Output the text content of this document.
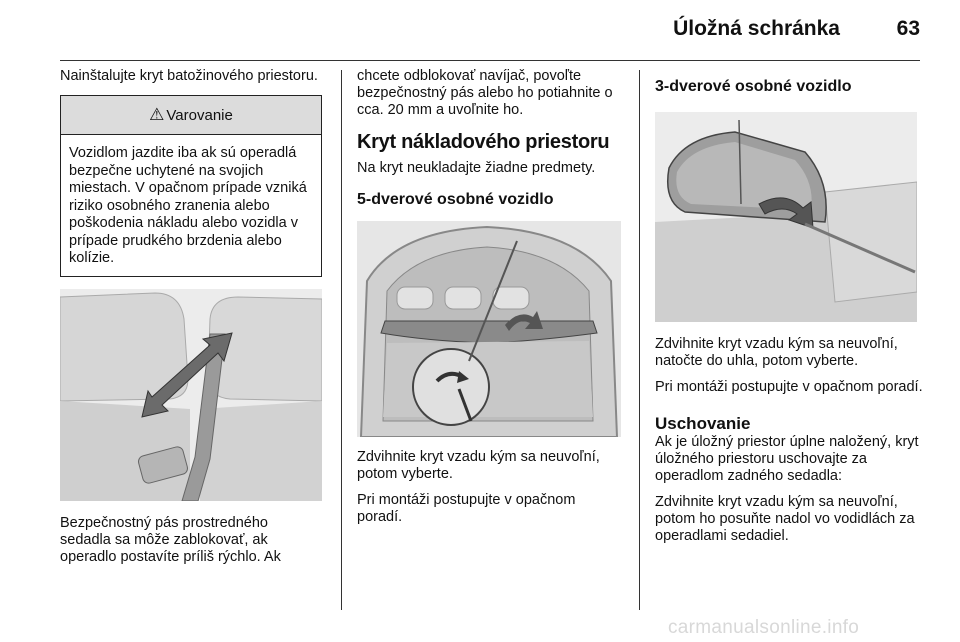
Úložná schránka	63

Nainštalujte kryt batožinového priestoru.

⚠ Varovanie
Vozidlom jazdite iba ak sú operadlá bezpečne uchytené na svojich miestach. V opačnom prípade vzniká riziko osobného zranenia alebo poškodenia nákladu alebo vozidla v prípade prudkého brzdenia alebo kolízie.

Bezpečnostný pás prostredného sedadla sa môže zablokovať, ak operadlo postavíte príliš rýchlo. Ak

chcete odblokovať navíjač, povoľte bezpečnostný pás alebo ho potiahnite o cca. 20 mm a uvoľnite ho.

Kryt nákladového priestoru

Na kryt neukladajte žiadne predmety.

5-dverové osobné vozidlo

Zdvihnite kryt vzadu kým sa neuvoľní, potom vyberte.

Pri montáži postupujte v opačnom poradí.

3-dverové osobné vozidlo

Zdvihnite kryt vzadu kým sa neuvoľní, natočte do uhla, potom vyberte.

Pri montáži postupujte v opačnom poradí.

Uschovanie

Ak je úložný priestor úplne naložený, kryt úložného priestoru uschovajte za operadlom zadného sedadla:

Zdvihnite kryt vzadu kým sa neuvoľní, potom ho posuňte nadol vo vodidlách za operadlami sedadiel.

carmanualsonline.info
